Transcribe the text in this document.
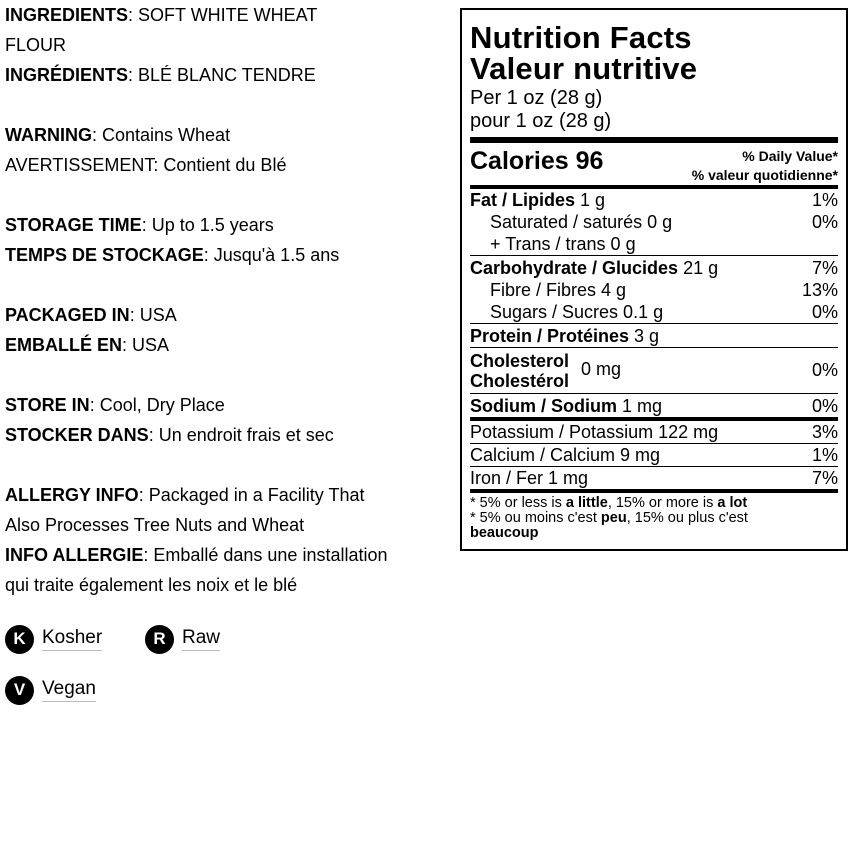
INGREDIENTS: SOFT WHITE WHEAT
FLOUR
INGRÉDIENTS: BLÉ BLANC TENDRE
WARNING: Contains Wheat
AVERTISSEMENT: Contient du Blé
STORAGE TIME: Up to 1.5 years
TEMPS DE STOCKAGE: Jusqu'à 1.5 ans
PACKAGED IN: USA
EMBALLÉ EN: USA
STORE IN: Cool, Dry Place
STOCKER DANS: Un endroit frais et sec
ALLERGY INFO: Packaged in a Facility That
Also Processes Tree Nuts and Wheat
INFO ALLERGIE: Emballé dans une installation
qui traite également les noix et le blé
K Kosher	R Raw
V Vegan
Nutrition Facts
Valeur nutritive
Per 1 oz (28 g)
pour 1 oz (28 g)
Calories 96	% Daily Value*
% valeur quotidienne*
Fat / Lipides 1 g	1%
Saturated / saturés 0 g	0%
+ Trans / trans 0 g
Carbohydrate / Glucides 21 g	7%
Fibre / Fibres 4 g	13%
Sugars / Sucres 0.1 g	0%
Protein / Protéines 3 g
Cholesterol
Cholestérol
0 mg	0%
Sodium / Sodium 1 mg	0%
Potassium / Potassium 122 mg	3%
Calcium / Calcium 9 mg	1%
Iron / Fer 1 mg	7%
* 5% or less is a little, 15% or more is a lot
* 5% ou moins c'est peu, 15% ou plus c'est
beaucoup
